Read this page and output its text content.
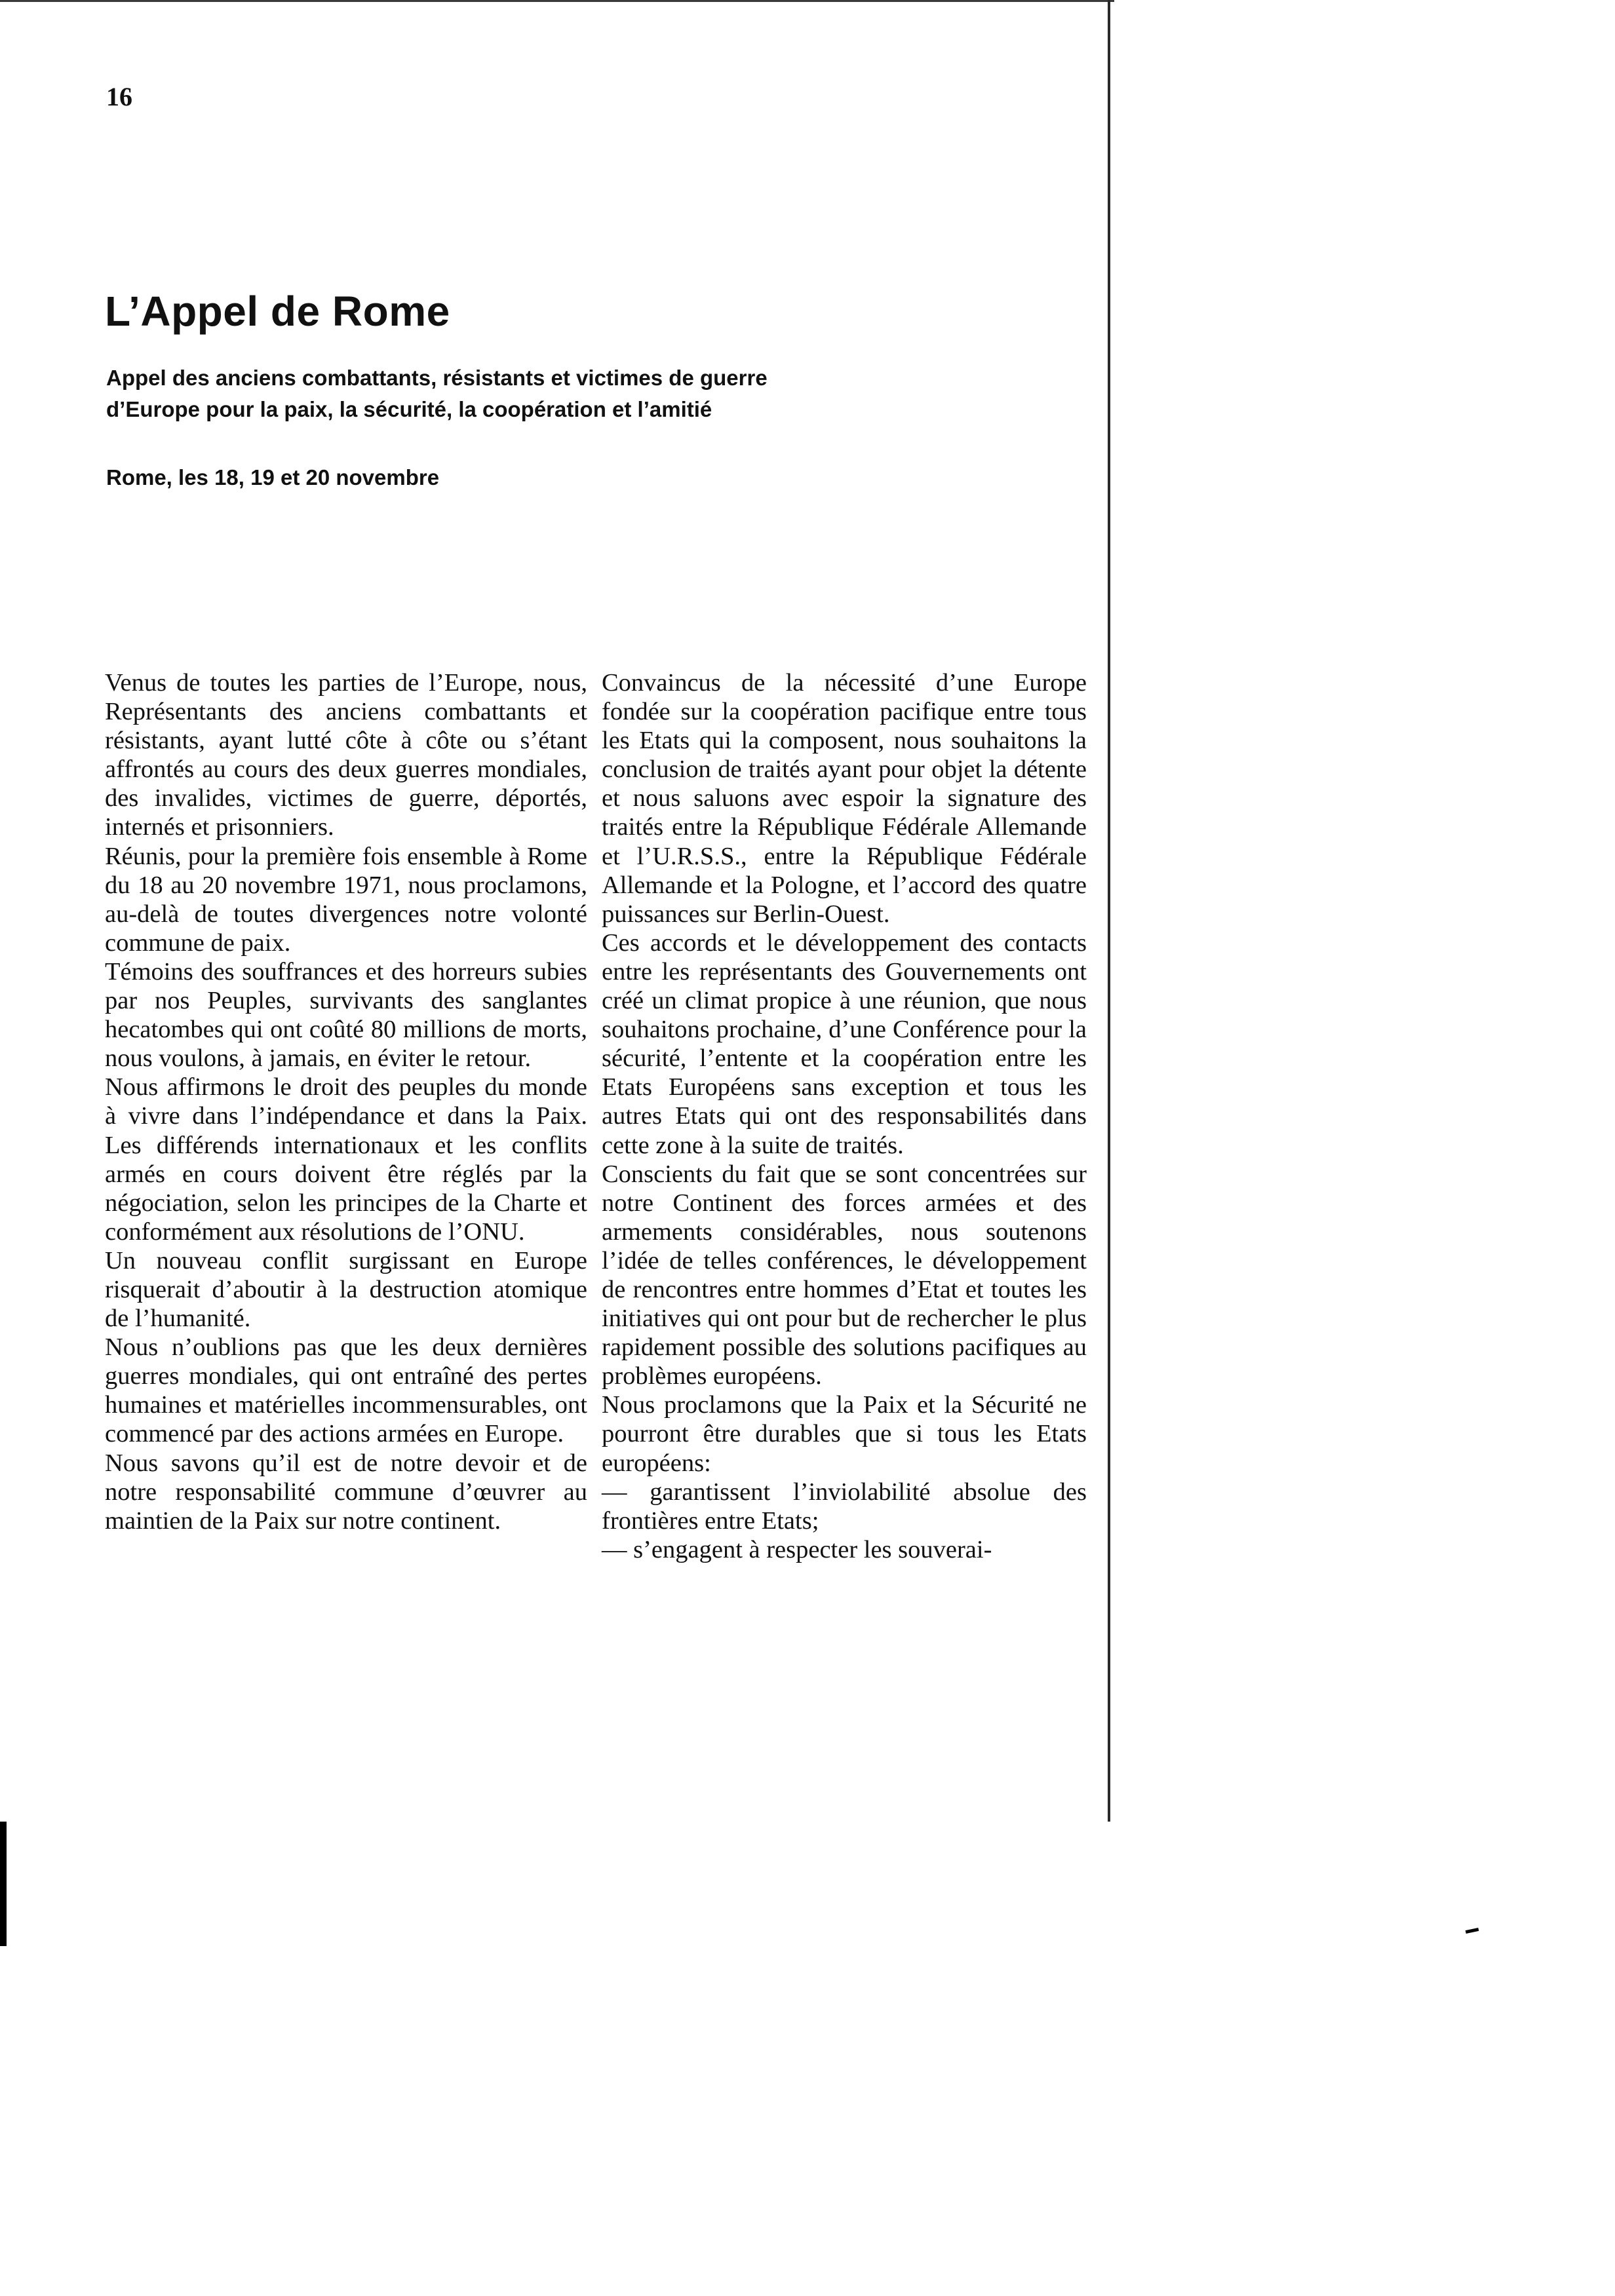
16
L’Appel de Rome
Appel des anciens combattants, résistants et victimes de guerre
d’Europe pour la paix, la sécurité, la coopération et l’amitié
Rome, les 18, 19 et 20 novembre

Venus de toutes les parties de l’Europe, nous, Représentants des anciens combattants et résistants, ayant lutté côte à côte ou s’étant affrontés au cours des deux guerres mondiales, des invalides, victimes de guerre, déportés, internés et prisonniers.

Réunis, pour la première fois ensemble à Rome du 18 au 20 novembre 1971, nous proclamons, au-delà de toutes divergences notre volonté commune de paix.

Témoins des souffrances et des horreurs subies par nos Peuples, survivants des sanglantes hecatombes qui ont coûté 80 millions de morts, nous voulons, à jamais, en éviter le retour.

Nous affirmons le droit des peuples du monde à vivre dans l’indépendance et dans la Paix. Les différends internationaux et les conflits armés en cours doivent être réglés par la négociation, selon les principes de la Charte et conformément aux résolutions de l’ONU.

Un nouveau conflit surgissant en Europe risquerait d’aboutir à la destruction atomique de l’humanité.

Nous n’oublions pas que les deux dernières guerres mondiales, qui ont entraîné des pertes humaines et matérielles incommensurables, ont commencé par des actions armées en Europe.

Nous savons qu’il est de notre devoir et de notre responsabilité commune d’œuvrer au maintien de la Paix sur notre continent.

Convaincus de la nécessité d’une Europe fondée sur la coopération pacifique entre tous les Etats qui la composent, nous souhaitons la conclusion de traités ayant pour objet la détente et nous saluons avec espoir la signature des traités entre la République Fédérale Allemande et l’U.R.S.S., entre la République Fédérale Allemande et la Pologne, et l’accord des quatre puissances sur Berlin-Ouest.

Ces accords et le développement des contacts entre les représentants des Gouvernements ont créé un climat propice à une réunion, que nous souhaitons prochaine, d’une Conférence pour la sécurité, l’entente et la coopération entre les Etats Européens sans exception et tous les autres Etats qui ont des responsabilités dans cette zone à la suite de traités.

Conscients du fait que se sont concentrées sur notre Continent des forces armées et des armements considérables, nous soutenons l’idée de telles conférences, le développement de rencontres entre hommes d’Etat et toutes les initiatives qui ont pour but de rechercher le plus rapidement possible des solutions pacifiques au problèmes européens.

Nous proclamons que la Paix et la Sécurité ne pourront être durables que si tous les Etats européens:

— garantissent l’inviolabilité absolue des frontières entre Etats;

— s’engagent à respecter les souverai-
